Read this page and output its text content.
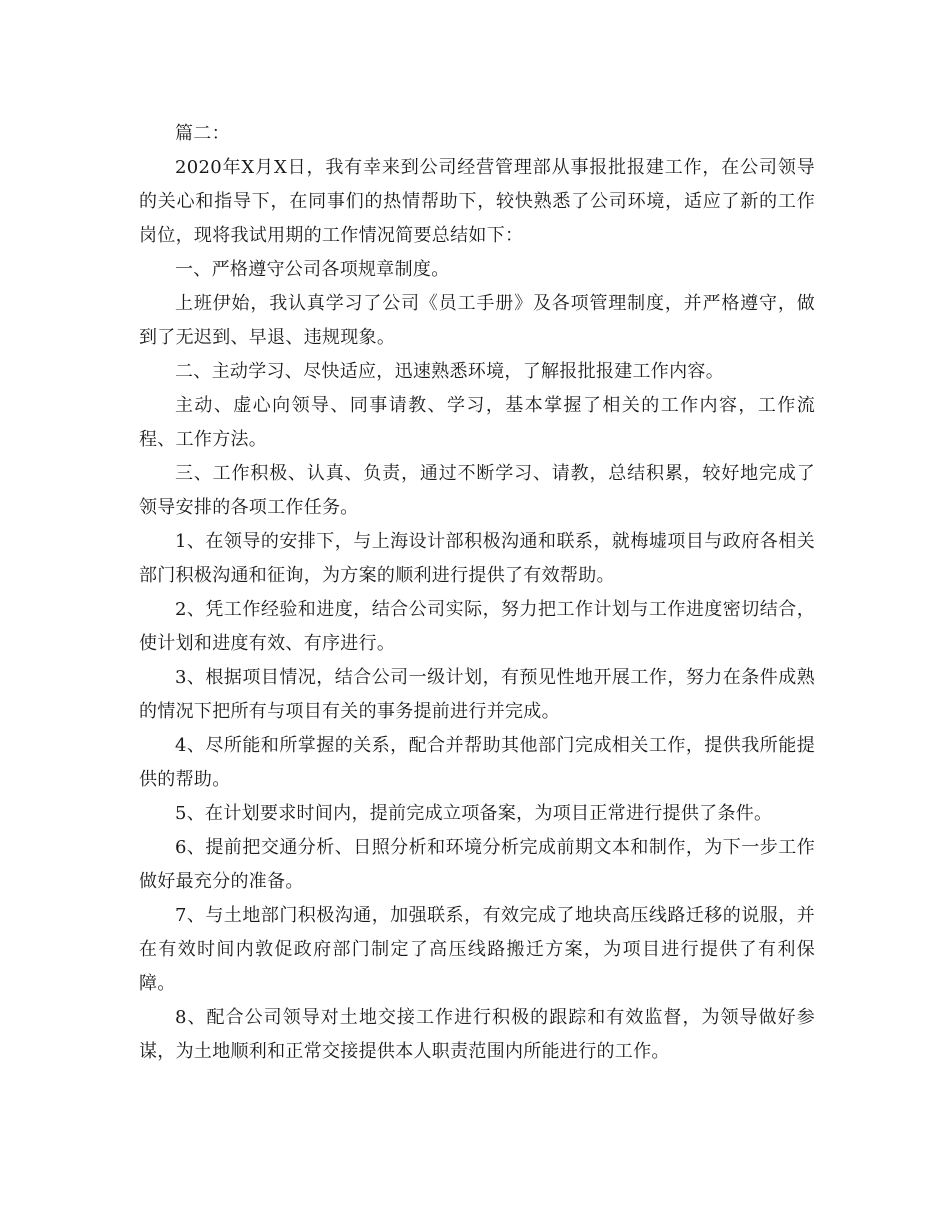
篇二：

2020年X月X日，我有幸来到公司经营管理部从事报批报建工作，在公司领导的关心和指导下，在同事们的热情帮助下，较快熟悉了公司环境，适应了新的工作岗位，现将我试用期的工作情况简要总结如下：

一、严格遵守公司各项规章制度。

上班伊始，我认真学习了公司《员工手册》及各项管理制度，并严格遵守，做到了无迟到、早退、违规现象。

二、主动学习、尽快适应，迅速熟悉环境，了解报批报建工作内容。

主动、虚心向领导、同事请教、学习，基本掌握了相关的工作内容，工作流程、工作方法。

三、工作积极、认真、负责，通过不断学习、请教，总结积累，较好地完成了领导安排的各项工作任务。

1、在领导的安排下，与上海设计部积极沟通和联系，就梅墟项目与政府各相关部门积极沟通和征询，为方案的顺利进行提供了有效帮助。

2、凭工作经验和进度，结合公司实际，努力把工作计划与工作进度密切结合，使计划和进度有效、有序进行。

3、根据项目情况，结合公司一级计划，有预见性地开展工作，努力在条件成熟的情况下把所有与项目有关的事务提前进行并完成。

4、尽所能和所掌握的关系，配合并帮助其他部门完成相关工作，提供我所能提供的帮助。

5、在计划要求时间内，提前完成立项备案，为项目正常进行提供了条件。

6、提前把交通分析、日照分析和环境分析完成前期文本和制作，为下一步工作做好最充分的准备。

7、与土地部门积极沟通，加强联系，有效完成了地块高压线路迁移的说服，并在有效时间内敦促政府部门制定了高压线路搬迁方案，为项目进行提供了有利保障。

8、配合公司领导对土地交接工作进行积极的跟踪和有效监督，为领导做好参谋，为土地顺利和正常交接提供本人职责范围内所能进行的工作。
